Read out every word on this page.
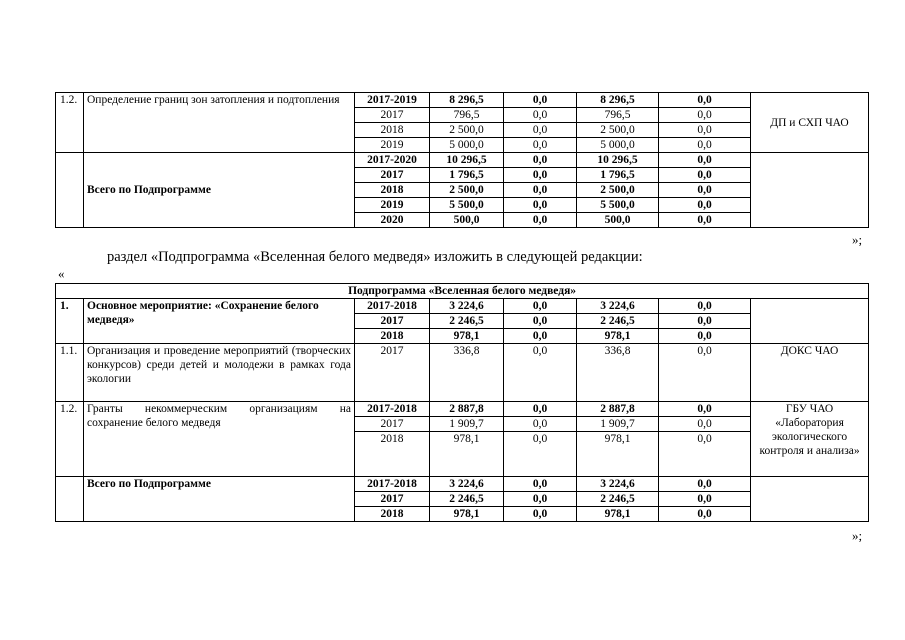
1.2.	Определение границ зон затопления и подтопления	2017-2019	8 296,5	0,0	8 296,5	0,0	ДП и СХП ЧАО
		2017	796,5	0,0	796,5	0,0	
		2018	2 500,0	0,0	2 500,0	0,0	
		2019	5 000,0	0,0	5 000,0	0,0	
	Всего по Подпрограмме	2017-2020	10 296,5	0,0	10 296,5	0,0	
		2017	1 796,5	0,0	1 796,5	0,0	
		2018	2 500,0	0,0	2 500,0	0,0	
		2019	5 500,0	0,0	5 500,0	0,0	
		2020	500,0	0,0	500,0	0,0	
»;
раздел «Подпрограмма «Вселенная белого медведя» изложить в следующей редакции:
«
Подпрограмма «Вселенная белого медведя»							
1.	Основное мероприятие: «Сохранение белого медведя»	2017-2018	3 224,6	0,0	3 224,6	0,0	
		2017	2 246,5	0,0	2 246,5	0,0	
		2018	978,1	0,0	978,1	0,0	
1.1.	Организация и проведение мероприятий (творческих конкурсов) среди детей и молодежи в рамках года экологии	2017	336,8	0,0	336,8	0,0	ДОКС ЧАО
1.2.	Гранты некоммерческим организациям на сохранение белого медведя	2017-2018	2 887,8	0,0	2 887,8	0,0	ГБУ ЧАО «Лаборатория экологического контроля и анализа»
		2017	1 909,7	0,0	1 909,7	0,0	
		2018	978,1	0,0	978,1	0,0	
	Всего по Подпрограмме	2017-2018	3 224,6	0,0	3 224,6	0,0	
		2017	2 246,5	0,0	2 246,5	0,0	
		2018	978,1	0,0	978,1	0,0	
»;
